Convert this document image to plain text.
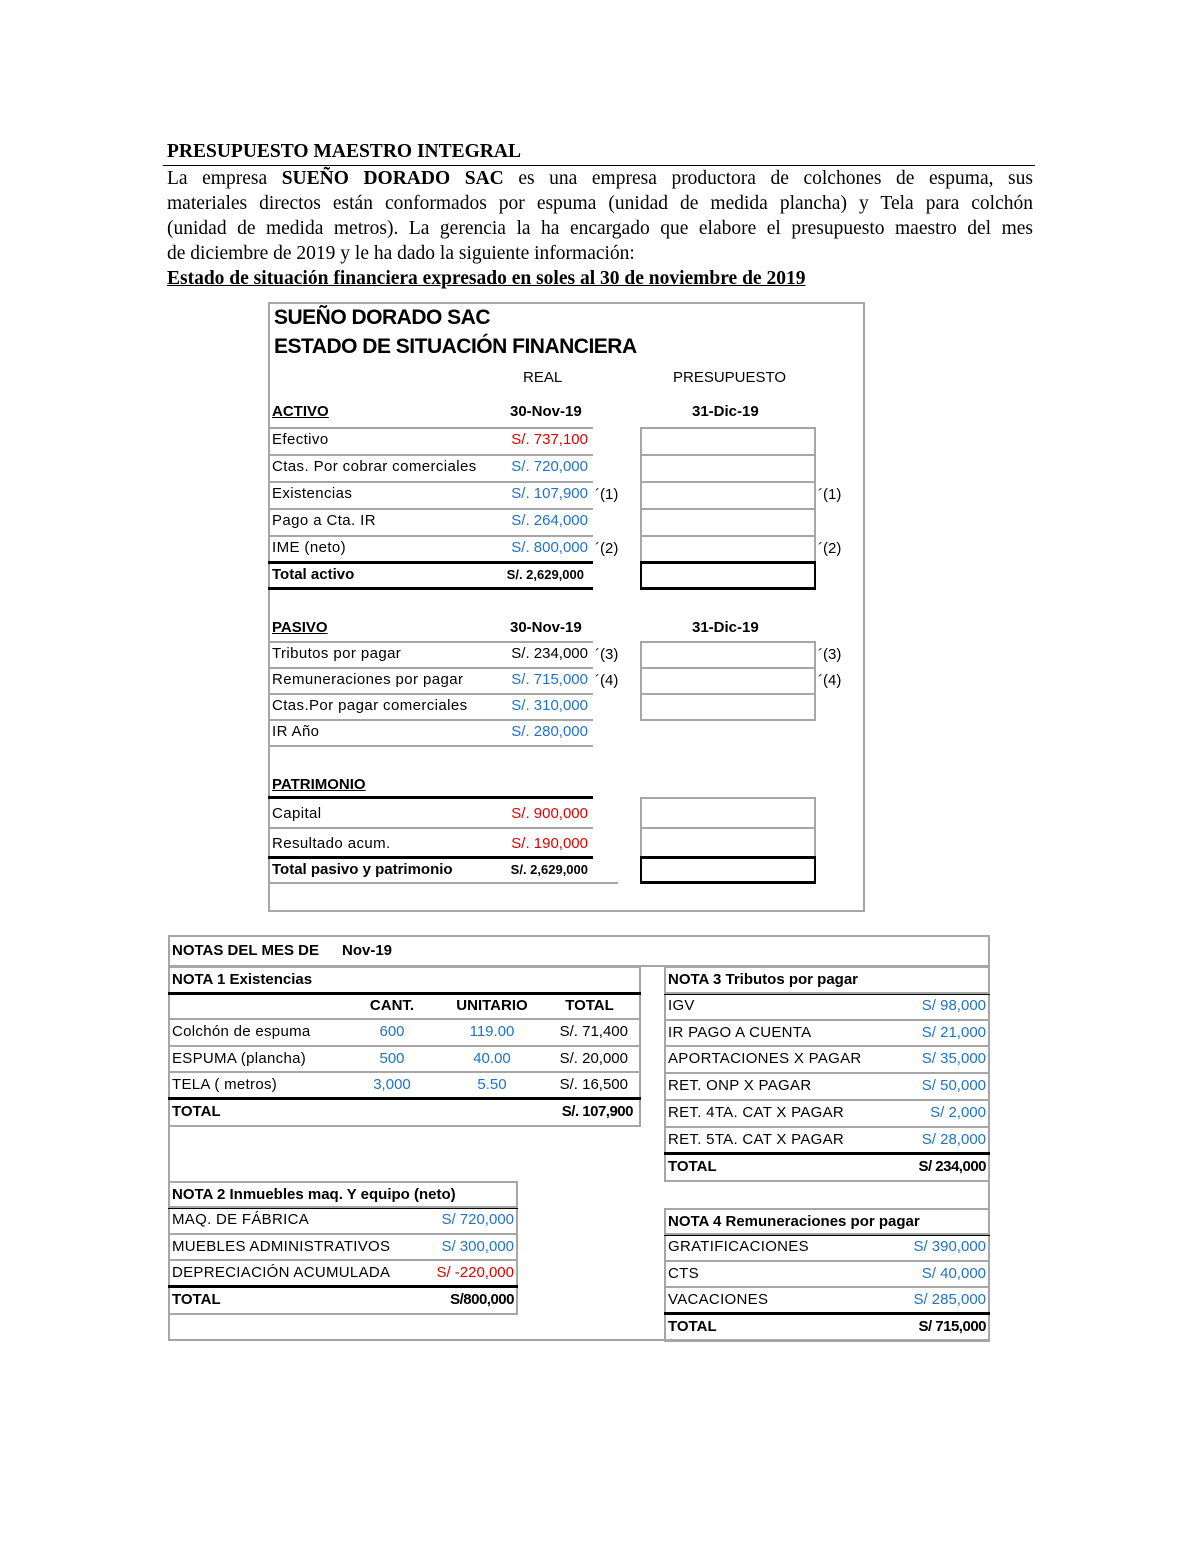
PRESUPUESTO MAESTRO INTEGRAL
La empresa SUEÑO DORADO SAC es una empresa productora de colchones de espuma, sus
materiales directos están conformados por espuma (unidad de medida plancha) y Tela para colchón
(unidad de medida metros). La gerencia la ha encargado que elabore el presupuesto maestro del mes
de diciembre de 2019 y le ha dado la siguiente información:
Estado de situación financiera expresado en soles al 30 de noviembre de 2019
SUEÑO DORADO SAC
ESTADO DE SITUACIÓN FINANCIERA
REAL	PRESUPUESTO
ACTIVO	30-Nov-19	31-Dic-19
Efectivo	S/. 737,100
Ctas. Por cobrar comerciales	S/. 720,000
Existencias	S/. 107,900 ´(1)	´(1)
Pago a Cta. IR	S/. 264,000
IME (neto)	S/. 800,000 ´(2)	´(2)
Total activo	S/. 2,629,000
PASIVO	30-Nov-19	31-Dic-19
Tributos por pagar	S/. 234,000 ´(3)	´(3)
Remuneraciones por pagar	S/. 715,000 ´(4)	´(4)
Ctas.Por pagar comerciales	S/. 310,000
IR Año	S/. 280,000
PATRIMONIO
Capital	S/. 900,000
Resultado acum.	S/. 190,000
Total pasivo y patrimonio	S/. 2,629,000
NOTAS DEL MES DE Nov-19
NOTA 1 Existencias
CANT.	UNITARIO	TOTAL
Colchón de espuma	600	119.00	S/. 71,400
ESPUMA (plancha)	500	40.00	S/. 20,000
TELA ( metros)	3,000	5.50	S/. 16,500
TOTAL	S/. 107,900
NOTA 3 Tributos por pagar
IGV	S/ 98,000
IR PAGO A CUENTA	S/ 21,000
APORTACIONES X PAGAR	S/ 35,000
RET. ONP X PAGAR	S/ 50,000
RET. 4TA. CAT X PAGAR	S/ 2,000
RET. 5TA. CAT X PAGAR	S/ 28,000
TOTAL	S/ 234,000
NOTA 2 Inmuebles maq. Y equipo (neto)
MAQ. DE FÁBRICA	S/ 720,000
MUEBLES ADMINISTRATIVOS	S/ 300,000
DEPRECIACIÓN ACUMULADA	S/ -220,000
TOTAL	S/800,000
NOTA 4 Remuneraciones por pagar
GRATIFICACIONES	S/ 390,000
CTS	S/ 40,000
VACACIONES	S/ 285,000
TOTAL	S/ 715,000
